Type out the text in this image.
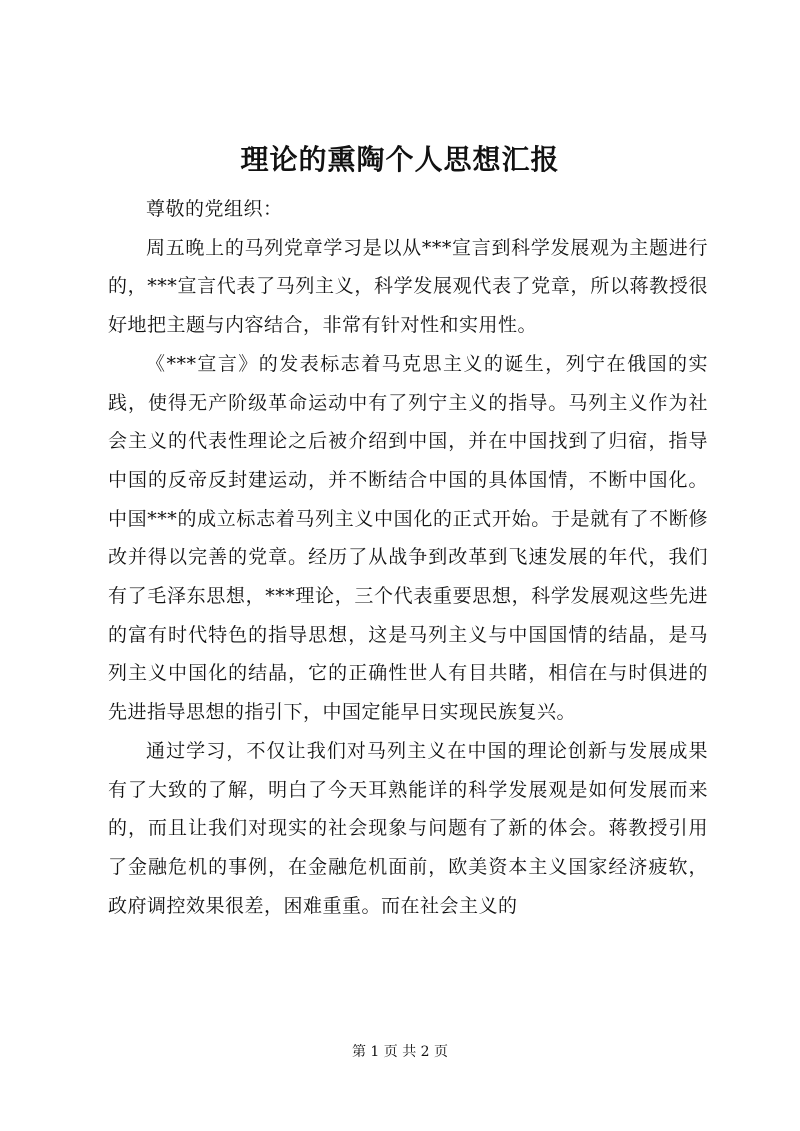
理论的熏陶个人思想汇报

尊敬的党组织：

周五晚上的马列党章学习是以从***宣言到科学发展观为主题进行的，***宣言代表了马列主义，科学发展观代表了党章，所以蒋教授很好地把主题与内容结合，非常有针对性和实用性。

《***宣言》的发表标志着马克思主义的诞生，列宁在俄国的实践，使得无产阶级革命运动中有了列宁主义的指导。马列主义作为社会主义的代表性理论之后被介绍到中国，并在中国找到了归宿，指导中国的反帝反封建运动，并不断结合中国的具体国情，不断中国化。中国***的成立标志着马列主义中国化的正式开始。于是就有了不断修改并得以完善的党章。经历了从战争到改革到飞速发展的年代，我们有了毛泽东思想，***理论，三个代表重要思想，科学发展观这些先进的富有时代特色的指导思想，这是马列主义与中国国情的结晶，是马列主义中国化的结晶，它的正确性世人有目共睹，相信在与时俱进的先进指导思想的指引下，中国定能早日实现民族复兴。

通过学习，不仅让我们对马列主义在中国的理论创新与发展成果有了大致的了解，明白了今天耳熟能详的科学发展观是如何发展而来的，而且让我们对现实的社会现象与问题有了新的体会。蒋教授引用了金融危机的事例，在金融危机面前，欧美资本主义国家经济疲软，政府调控效果很差，困难重重。而在社会主义的

第 1 页 共 2 页
